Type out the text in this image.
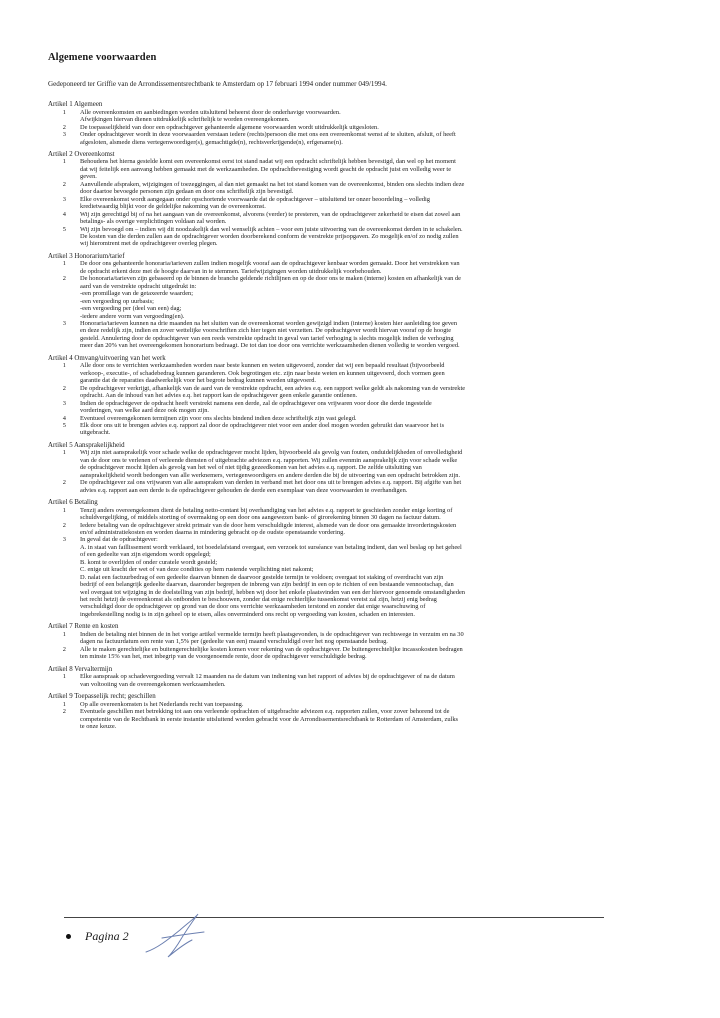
Algemene voorwaarden
Gedeponeerd ter Griffie van de Arrondissementsrechtbank te Amsterdam op 17 februari 1994 onder nummer 049/1994.
Artikel 1 Algemeen
1	Alle overeenkomsten en aanbiedingen worden uitsluitend beheerst door de onderhavige voorwaarden.
Afwijkingen hiervan dienen uitdrukkelijk schriftelijk te worden overeengekomen.
2	De toepasselijkheid van door een opdrachtgever gehanteerde algemene voorwaarden wordt uitdrukkelijk uitgesloten.
3	Onder opdrachtgever wordt in deze voorwaarden verstaan iedere (rechts)persoon die met ons een overeenkomst wenst af te sluiten, afsluit, of heeft
afgesloten, alsmede diens vertegenwoordiger(s), gemachtigde(n), rechtsverkrijgende(n), erfgename(n).
Artikel 2 Overeenkomst
1	Behoudens het hierna gestelde komt een overeenkomst eerst tot stand nadat wij een opdracht schriftelijk hebben bevestigd, dan wel op het moment
dat wij feitelijk een aanvang hebben gemaakt met de werkzaamheden. De opdrachtbevestiging wordt geacht de opdracht juist en volledig weer te
geven.
2	Aanvullende afspraken, wijzigingen of toezeggingen, al dan niet gemaakt na het tot stand komen van de overeenkomst, binden ons slechts indien deze
door daartoe bevoegde personen zijn gedaan en door ons schriftelijk zijn bevestigd.
3	Elke overeenkomst wordt aangegaan onder opschortende voorwaarde dat de opdrachtgever – uitsluitend ter onzer beoordeling – volledig
kredietwaardig blijkt voor de geldelijke nakoming van de overeenkomst.
4	Wij zijn gerechtigd bij of na het aangaan van de overeenkomst, alvorens (verder) te presteren, van de opdrachtgever zekerheid te eisen dat zowel aan
betalings- als overige verplichtingen voldaan zal worden.
5	Wij zijn bevoegd om – indien wij dit noodzakelijk dan wel wenselijk achten – voor een juiste uitvoering van de overeenkomst derden in te schakelen.
De kosten van die derden zullen aan de opdrachtgever worden doorberekend conform de verstrekte prijsopgaven. Zo mogelijk en/of zo nodig zullen
wij hieromtrent met de opdrachtgever overleg plegen.
Artikel 3 Honorarium/tarief
1	De door ons gehanteerde honoraria/tarieven zullen indien mogelijk vooraf aan de opdrachtgever kenbaar worden gemaakt. Door het verstrekken van
de opdracht erkent deze met de hoogte daarvan in te stemmen. Tariefwijzigingen worden uitdrukkelijk voorbehouden.
2	De honoraria/tarieven zijn gebaseerd op de binnen de branche geldende richtlijnen en op de door ons te maken (interne) kosten en afhankelijk van de
aard van de verstrekte opdracht uitgedrukt in:
-een promillage van de getaxeerde waarden;
-een vergoeding op uurbasis;
-een vergoeding per (deel van een) dag;
-iedere andere vorm van vergoeding(en).
3	Honoraria/tarieven kunnen na drie maanden na het sluiten van de overeenkomst worden gewijzigd indien (interne) kosten hier aanleiding toe geven
en deze redelijk zijn, indien en zover wettelijke voorschriften zich hier tegen niet verzetten. De opdrachtgever wordt hiervan vooraf op de hoogte
gesteld. Annulering door de opdrachtgever van een reeds verstrekte opdracht in geval van tarief verhoging is slechts mogelijk indien de verhoging
meer dan 20% van het overeengekomen honorarium bedraagt. De tot dan toe door ons verrichte werkzaamheden dienen volledig te worden vergoed.
Artikel 4 Omvang/uitvoering van het werk
1	Alle door ons te verrichten werkzaamheden worden naar beste kunnen en weten uitgevoerd, zonder dat wij een bepaald resultaat (bijvoorbeeld
verkoop-, executie-, of schadebedrag kunnen garanderen. Ook begrotingen etc. zijn naar beste weten en kunnen uitgevoerd, doch vormen geen
garantie dat de reparaties daadwerkelijk voor het begrote bedrag kunnen worden uitgevoerd.
2	De opdrachtgever verkrijgt, afhankelijk van de aard van de verstrekte opdracht, een advies e.q. een rapport welke geldt als nakoming van de verstrekte
opdracht. Aan de inhoud van het advies e.q. het rapport kan de opdrachtgever geen enkele garantie ontlenen.
3	Indien de opdrachtgever de opdracht heeft verstrekt namens een derde, zal de opdrachtgever ons vrijwaren voor door die derde ingestelde
vorderingen, van welke aard deze ook mogen zijn.
4	Eventueel overeengekomen termijnen zijn voor ons slechts bindend indien deze schriftelijk zijn vast gelegd.
5	Elk door ons uit te brengen advies e.q. rapport zal door de opdrachtgever niet voor een ander doel mogen worden gebruikt dan waarvoor het is
uitgebracht.
Artikel 5 Aansprakelijkheid
1	Wij zijn niet aansprakelijk voor schade welke de opdrachtgever mocht lijden, bijvoorbeeld als gevolg van fouten, onduidelijkheden of onvolledigheid
van de door ons te verlenen of verleende diensten of uitgebrachte adviezen e.q. rapporten. Wij zullen evenmin aansprakelijk zijn voor schade welke
de opdrachtgever mocht lijden als gevolg van het wel of niet tijdig gezeedkomen van het advies e.q. rapport. De zelfde uitsluiting van
aansprakelijkheid wordt bedongen van alle werknemers, vertegenwoordigers en andere derden die bij de uitvoering van een opdracht betrokken zijn.
2	De opdrachtgever zal ons vrijwaren van alle aanspraken van derden in verband met het door ons uit te brengen advies e.q. rapport. Bij afgifte van het
advies e.q. rapport aan een derde is de opdrachtgever gehouden de derde een exemplaar van deze voorwaarden te overhandigen.
Artikel 6 Betaling
1	Tenzij anders overeengekomen dient de betaling netto-contant bij overhandiging van het advies e.q. rapport te geschieden zonder enige korting of
schuldvergelijking, of middels storting of overmaking op een door ons aangewezen bank- of girorekening binnen 30 dagen na factuur datum.
2	Iedere betaling van de opdrachtgever strekt primair van de door hem verschuldigde interest, alsmede van de door ons gemaakte invorderingskosten
en/of administratiekosten en worden daarna in mindering gebracht op de oudste openstaande vordering.
3	In geval dat de opdrachtgever:
A. in staat van faillissement wordt verklaard, tot boedelafstand overgaat, een verzoek tot surséance van betaling indient, dan wel beslag op het geheel
of een gedeelte van zijn eigendom wordt opgelegd;
B. komt te overlijden of onder curatele wordt gesteld;
C. enige uit kracht der wet of van deze condities op hem rustende verplichting niet nakomt;
D. nalat een factuurbedrag of een gedeelte daarvan binnen de daarvoor gestelde termijn te voldoen; overgaat tot staking of overdracht van zijn
bedrijf of een belangrijk gedeelte daarvan, daaronder begrepen de inbreng van zijn bedrijf in een op te richten of een bestaande vennootschap, dan
wel overgaat tot wijziging in de doelstelling van zijn bedrijf, hebben wij door het enkele plaatsvinden van een der hiervoor genoemde omstandigheden
het recht hetzij de overeenkomst als ontbonden te beschouwen, zonder dat enige rechterlijke tussenkomst vereist zal zijn, hetzij enig bedrag
verschuldigd door de opdrachtgever op grond van de door ons verrichte werkzaamheden terstond en zonder dat enige waarschuwing of
ingebrekestelling nodig is in zijn geheel op te eisen, alles onverminderd ons recht op vergoeding van kosten, schaden en interesten.
Artikel 7 Rente en kosten
1	Indien de betaling niet binnen de in het vorige artikel vermelde termijn heeft plaatsgevonden, is de opdrachtgever van rechtswege in verzuim en na 30
dagen na factuurdatum een rente van 1,5% per (gedeelte van een) maand verschuldigd over het nog openstaande bedrag.
2	Alle te maken gerechtelijke en buitengerechtelijke kosten komen voor rekening van de opdrachtgever. De buitengerechtelijke incassokosten bedragen
ten minste 15% van het, met inbegrip van de voorgenoemde rente, door de opdrachtgever verschuldigde bedrag.
Artikel 8 Vervaltermijn
1	Elke aanspraak op schadevergoeding vervalt 12 maanden na de datum van indiening van het rapport of advies bij de opdrachtgever of na de datum
van voltooiing van de overeengekomen werkzaamheden.
Artikel 9 Toepasselijk recht; geschillen
1	Op alle overeenkomsten is het Nederlands recht van toepassing.
2	Eventuele geschillen met betrekking tot aan ons verleende opdrachten of uitgebrachte adviezen e.q. rapporten zullen, voor zover behorend tot de
competentie van de Rechtbank in eerste instantie uitsluitend worden gebracht voor de Arrondissementsrechtbank te Rotterdam of Amsterdam, zulks
te onze keuze.
Pagina 2
